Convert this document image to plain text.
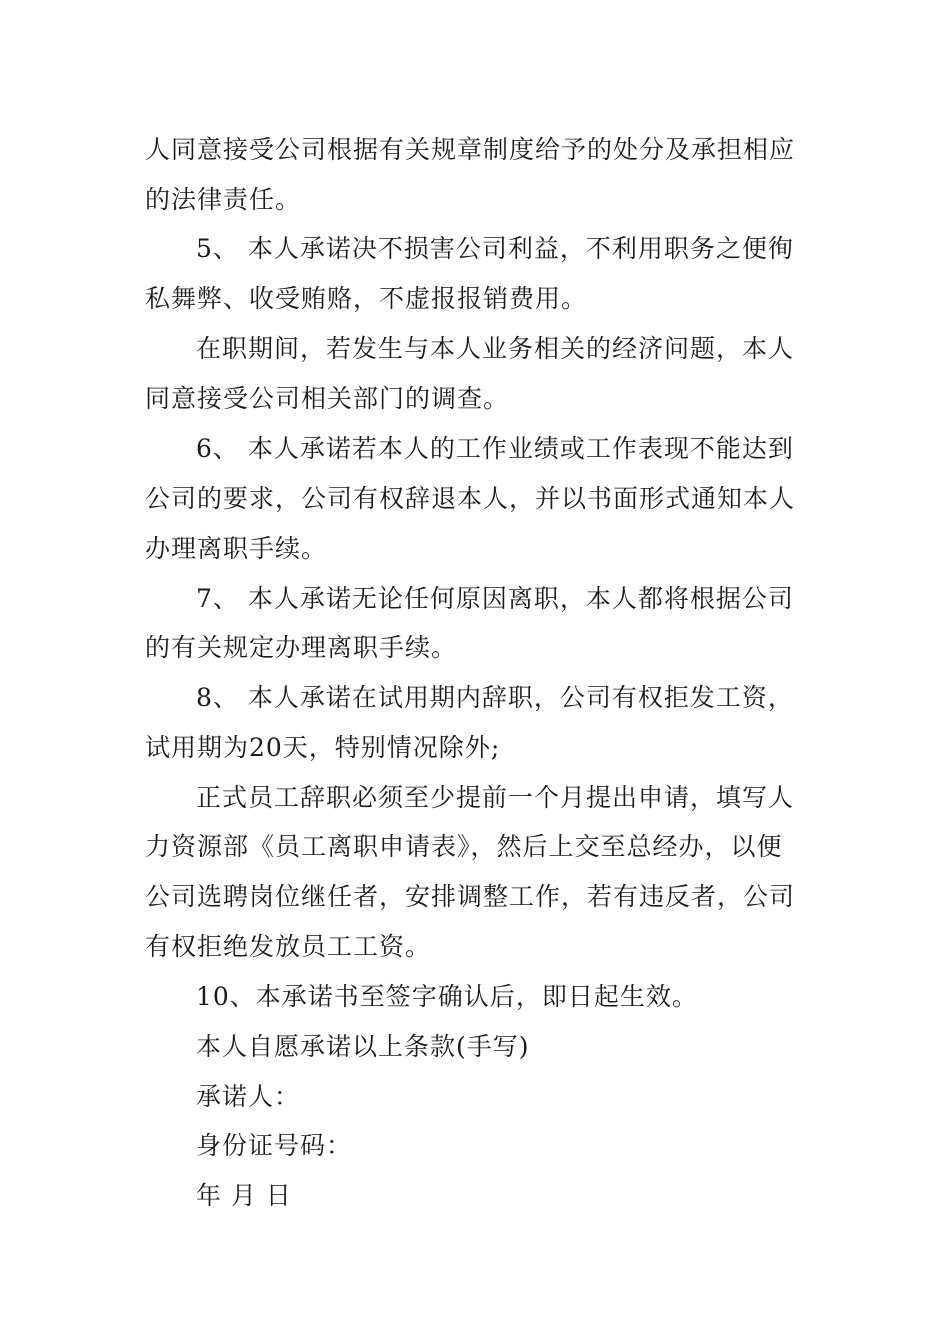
人同意接受公司根据有关规章制度给予的处分及承担相应
的法律责任。
5、 本人承诺决不损害公司利益，不利用职务之便徇
私舞弊、收受贿赂，不虚报报销费用。
在职期间，若发生与本人业务相关的经济问题，本人
同意接受公司相关部门的调查。
6、 本人承诺若本人的工作业绩或工作表现不能达到
公司的要求，公司有权辞退本人，并以书面形式通知本人
办理离职手续。
7、 本人承诺无论任何原因离职，本人都将根据公司
的有关规定办理离职手续。
8、 本人承诺在试用期内辞职，公司有权拒发工资，
试用期为20天，特别情况除外;
正式员工辞职必须至少提前一个月提出申请，填写人
力资源部《员工离职申请表》，然后上交至总经办，以便
公司选聘岗位继任者，安排调整工作，若有违反者，公司
有权拒绝发放员工工资。
10、本承诺书至签字确认后，即日起生效。
本人自愿承诺以上条款(手写)
承诺人：
身份证号码：
年 月 日
